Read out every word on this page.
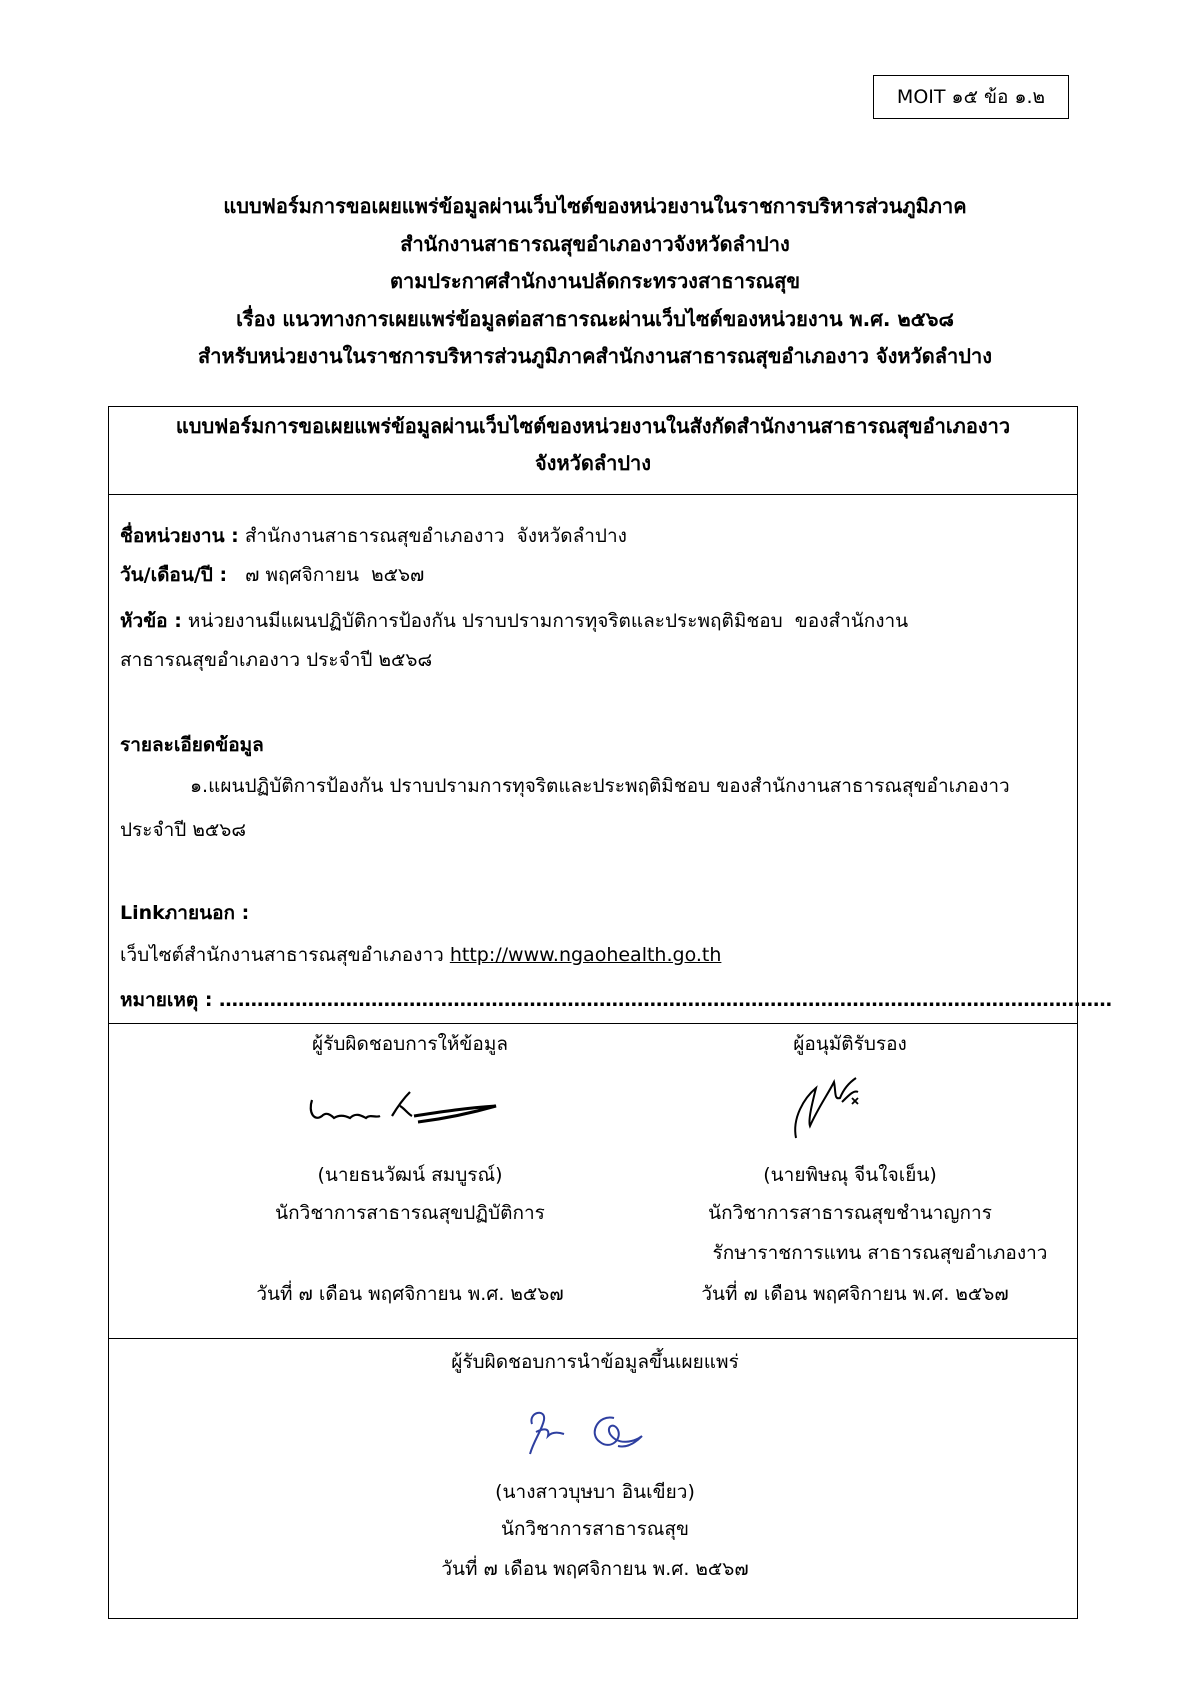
MOIT ๑๕ ข้อ ๑.๒
แบบฟอร์มการขอเผยแพร่ข้อมูลผ่านเว็บไซต์ของหน่วยงานในราชการบริหารส่วนภูมิภาค
สำนักงานสาธารณสุขอำเภองาวจังหวัดลำปาง
ตามประกาศสำนักงานปลัดกระทรวงสาธารณสุข
เรื่อง แนวทางการเผยแพร่ข้อมูลต่อสาธารณะผ่านเว็บไซต์ของหน่วยงาน พ.ศ. ๒๕๖๘
สำหรับหน่วยงานในราชการบริหารส่วนภูมิภาคสำนักงานสาธารณสุขอำเภองาว จังหวัดลำปาง
แบบฟอร์มการขอเผยแพร่ข้อมูลผ่านเว็บไซต์ของหน่วยงานในสังกัดสำนักงานสาธารณสุขอำเภองาว
จังหวัดลำปาง
ชื่อหน่วยงาน : สำนักงานสาธารณสุขอำเภองาว  จังหวัดลำปาง
วัน/เดือน/ปี :   ๗ พฤศจิกายน  ๒๕๖๗
หัวข้อ : หน่วยงานมีแผนปฏิบัติการป้องกัน ปราบปรามการทุจริตและประพฤติมิชอบ  ของสำนักงาน
สาธารณสุขอำเภองาว ประจำปี ๒๕๖๘
รายละเอียดข้อมูล
๑.แผนปฏิบัติการป้องกัน ปราบปรามการทุจริตและประพฤติมิชอบ ของสำนักงานสาธารณสุขอำเภองาว
ประจำปี ๒๕๖๘
Linkภายนอก :
เว็บไซต์สำนักงานสาธารณสุขอำเภองาว http://www.ngaohealth.go.th
หมายเหตุ : ……………………………………………………………………………………………………………………………
ผู้รับผิดชอบการให้ข้อมูล
(นายธนวัฒน์ สมบูรณ์)
นักวิชาการสาธารณสุขปฏิบัติการ
วันที่ ๗ เดือน พฤศจิกายน พ.ศ. ๒๕๖๗
ผู้อนุมัติรับรอง
(นายพิษณุ จีนใจเย็น)
นักวิชาการสาธารณสุขชำนาญการ
รักษาราชการแทน สาธารณสุขอำเภองาว
วันที่ ๗ เดือน พฤศจิกายน พ.ศ. ๒๕๖๗
ผู้รับผิดชอบการนำข้อมูลขึ้นเผยแพร่
(นางสาวบุษบา อินเขียว)
นักวิชาการสาธารณสุข
วันที่ ๗ เดือน พฤศจิกายน พ.ศ. ๒๕๖๗
